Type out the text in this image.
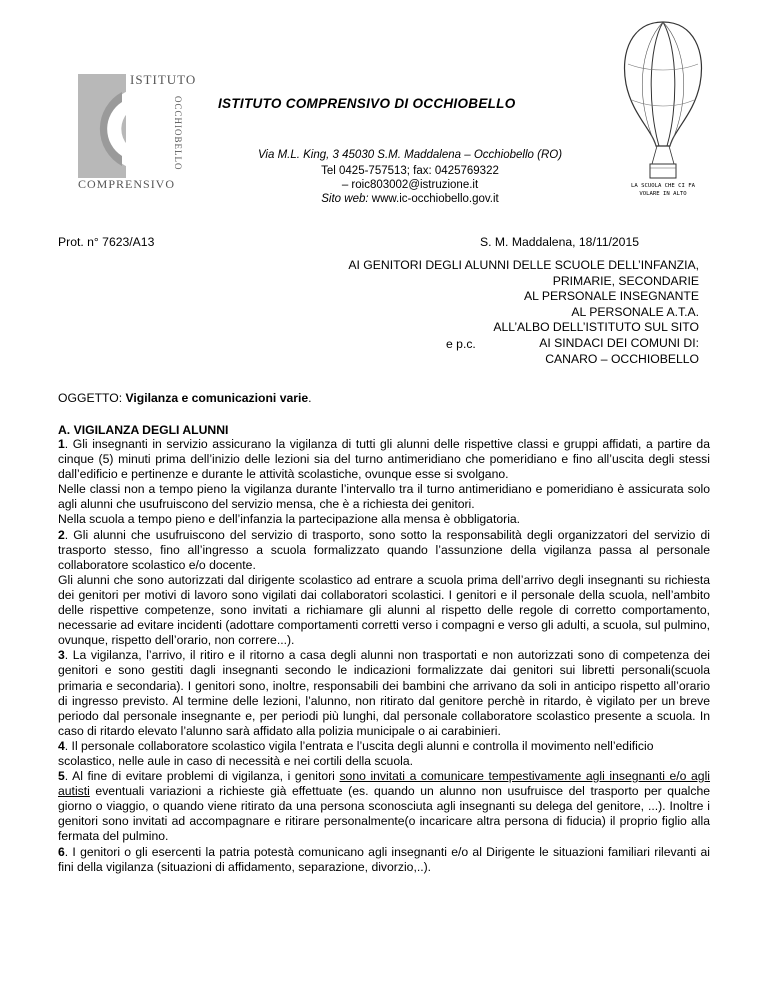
ISTITUTO
OCCHIOBELLO
COMPRENSIVO
ISTITUTO COMPRENSIVO DI OCCHIOBELLO
Via M.L. King, 3 45030 S.M. Maddalena – Occhiobello (RO)
Tel 0425-757513; fax: 0425769322
– roic803002@istruzione.it
Sito web: www.ic-occhiobello.gov.it
LA SCUOLA CHE CI FA
VOLARE IN ALTO
Prot. n° 7623/A13	S. M. Maddalena, 18/11/2015
AI GENITORI DEGLI ALUNNI DELLE SCUOLE DELL’INFANZIA,
PRIMARIE, SECONDARIE
AL PERSONALE INSEGNANTE
AL PERSONALE A.T.A.
ALL’ALBO DELL’ISTITUTO SUL SITO
AI SINDACI DEI COMUNI DI:
CANARO – OCCHIOBELLO
e p.c.
OGGETTO: Vigilanza e comunicazioni varie.
A. VIGILANZA DEGLI ALUNNI

1. Gli insegnanti in servizio assicurano la vigilanza di tutti gli alunni delle rispettive classi e gruppi affidati, a partire da cinque (5) minuti prima dell’inizio delle lezioni sia del turno antimeridiano che pomeridiano e fino all’uscita degli stessi dall’edificio e pertinenze e durante le attività scolastiche, ovunque esse si svolgano.

Nelle classi non a tempo pieno la vigilanza durante l’intervallo tra il turno antimeridiano e pomeridiano è assicurata solo agli alunni che usufruiscono del servizio mensa, che è a richiesta dei genitori.

Nella scuola a tempo pieno e dell’infanzia la partecipazione alla mensa è obbligatoria.

2. Gli alunni che usufruiscono del servizio di trasporto, sono sotto la responsabilità degli organizzatori del servizio di trasporto stesso, fino all’ingresso a scuola formalizzato quando l’assunzione della vigilanza passa al personale collaboratore scolastico e/o docente.

Gli alunni che sono autorizzati dal dirigente scolastico ad entrare a scuola prima dell’arrivo degli insegnanti su richiesta dei genitori per motivi di lavoro sono vigilati dai collaboratori scolastici. I genitori e il personale della scuola, nell’ambito delle rispettive competenze, sono invitati a richiamare gli alunni al rispetto delle regole di corretto comportamento, necessarie ad evitare incidenti (adottare comportamenti corretti verso i compagni e verso gli adulti, a scuola, sul pulmino, ovunque, rispetto dell’orario, non correre...).

3. La vigilanza, l’arrivo, il ritiro e il ritorno a casa degli alunni non trasportati e non autorizzati sono di competenza dei genitori e sono gestiti dagli insegnanti secondo le indicazioni formalizzate dai genitori sui libretti personali(scuola primaria e secondaria). I genitori sono, inoltre, responsabili dei bambini che arrivano da soli in anticipo rispetto all’orario di ingresso previsto. Al termine delle lezioni, l’alunno, non ritirato dal genitore perchè in ritardo, è vigilato per un breve periodo dal personale insegnante e, per periodi più lunghi, dal personale collaboratore scolastico presente a scuola. In caso di ritardo elevato l’alunno sarà affidato alla polizia municipale o ai carabinieri.

4. Il personale collaboratore scolastico vigila l’entrata e l’uscita degli alunni e controlla il movimento nell’edificio scolastico, nelle aule in caso di necessità e nei cortili della scuola.

5. Al fine di evitare problemi di vigilanza, i genitori sono invitati a comunicare tempestivamente agli insegnanti e/o agli autisti eventuali variazioni a richieste già effettuate (es. quando un alunno non usufruisce del trasporto per qualche giorno o viaggio, o quando viene ritirato da una persona sconosciuta agli insegnanti su delega del genitore, ...). Inoltre i genitori sono invitati ad accompagnare e ritirare personalmente(o incaricare altra persona di fiducia) il proprio figlio alla fermata del pulmino.

6. I genitori o gli esercenti la patria potestà comunicano agli insegnanti e/o al Dirigente le situazioni familiari rilevanti ai fini della vigilanza (situazioni di affidamento, separazione, divorzio,..).
